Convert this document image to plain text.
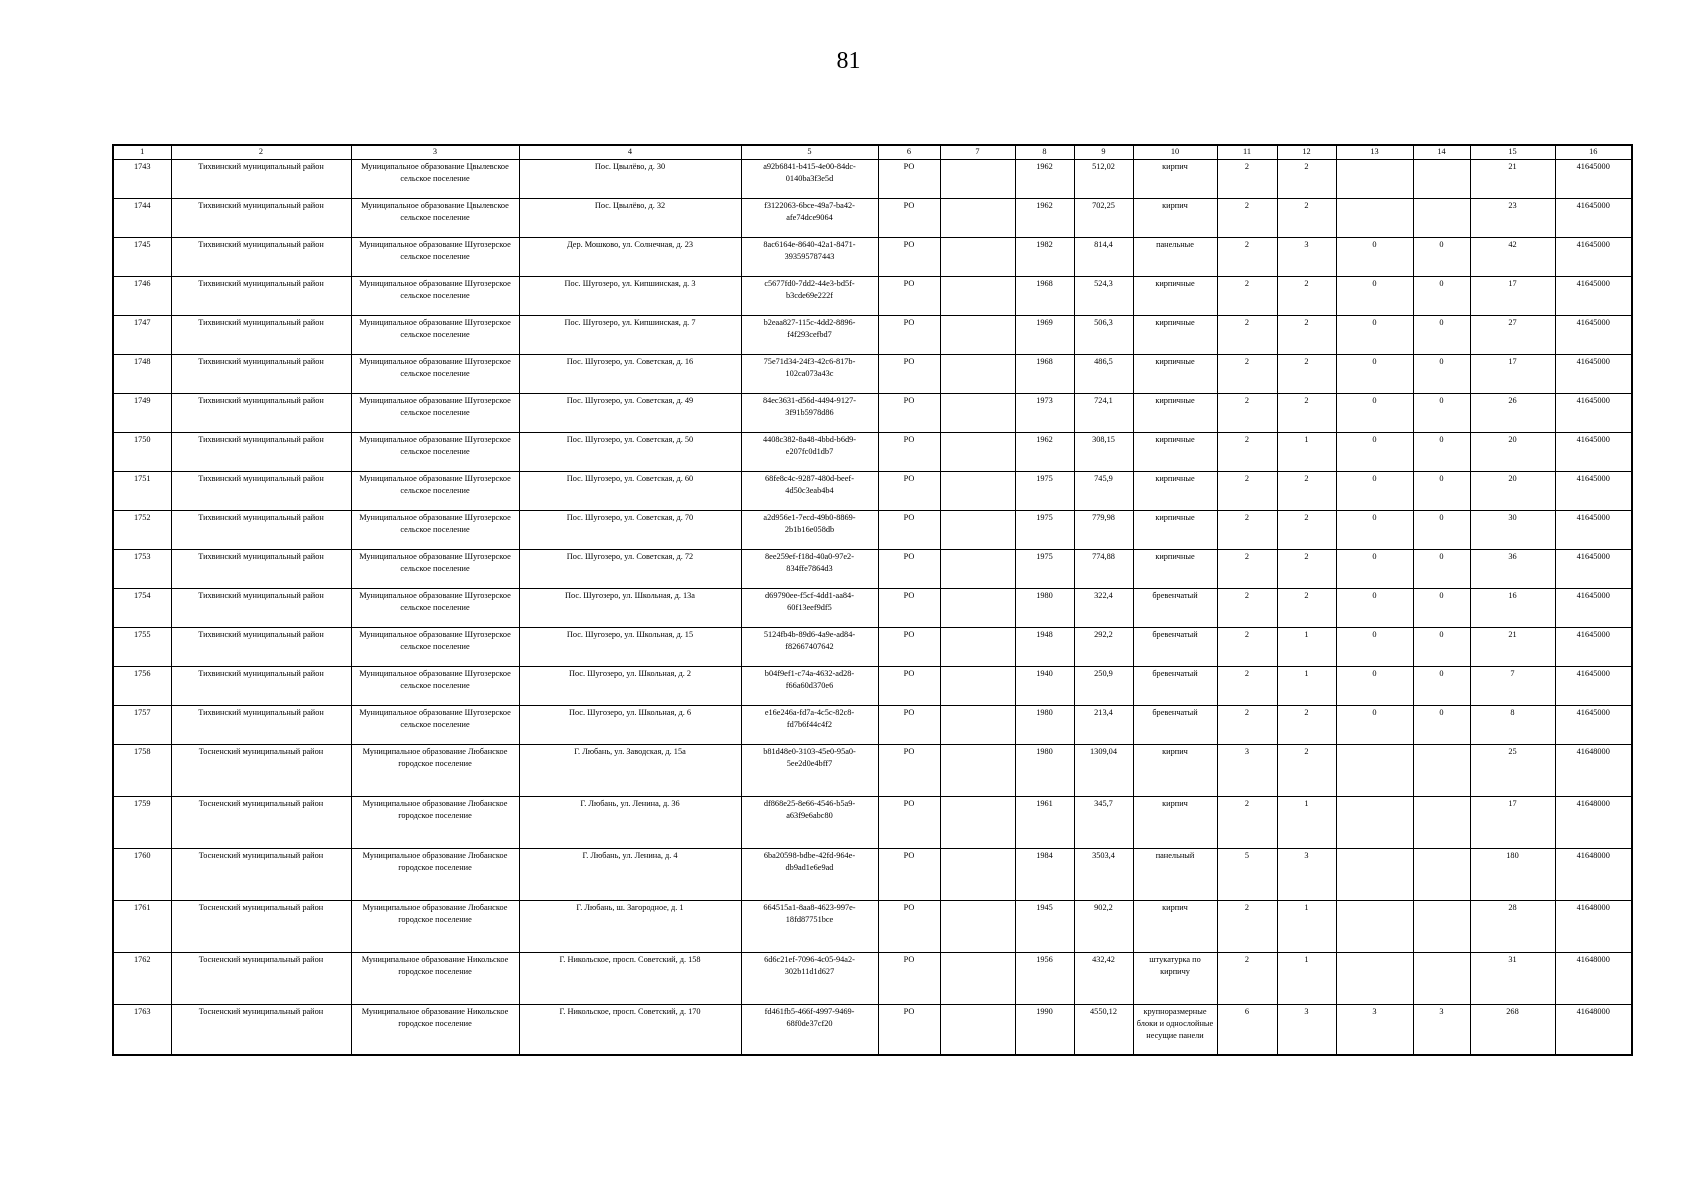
81
1	2	3	4	5	6	7	8	9	10	11	12	13	14	15	16
1743	Тихвинский муниципальный район	Муниципальное образование Цвылевское сельское поселение	Пос. Цвылёво, д. 30	a92b6841-b415-4e00-84dc-0140ba3f3e5d	РО		1962	512,02	кирпич	2	2			21	41645000
1744	Тихвинский муниципальный район	Муниципальное образование Цвылевское сельское поселение	Пос. Цвылёво, д. 32	f3122063-6bce-49a7-ba42-afe74dce9064	РО		1962	702,25	кирпич	2	2			23	41645000
1745	Тихвинский муниципальный район	Муниципальное образование Шугозерское сельское поселение	Дер. Мошково, ул. Солнечная, д. 23	8ac6164e-8640-42a1-8471-393595787443	РО		1982	814,4	панельные	2	3	0	0	42	41645000
1746	Тихвинский муниципальный район	Муниципальное образование Шугозерское сельское поселение	Пос. Шугозеро, ул. Кипшинская, д. 3	c5677fd0-7dd2-44e3-bd5f-b3cde69e222f	РО		1968	524,3	кирпичные	2	2	0	0	17	41645000
1747	Тихвинский муниципальный район	Муниципальное образование Шугозерское сельское поселение	Пос. Шугозеро, ул. Кипшинская, д. 7	b2eaa827-115c-4dd2-8896-f4f293cefbd7	РО		1969	506,3	кирпичные	2	2	0	0	27	41645000
1748	Тихвинский муниципальный район	Муниципальное образование Шугозерское сельское поселение	Пос. Шугозеро, ул. Советская, д. 16	75e71d34-24f3-42c6-817b-102ca073a43c	РО		1968	486,5	кирпичные	2	2	0	0	17	41645000
1749	Тихвинский муниципальный район	Муниципальное образование Шугозерское сельское поселение	Пос. Шугозеро, ул. Советская, д. 49	84ec3631-d56d-4494-9127-3f91b5978d86	РО		1973	724,1	кирпичные	2	2	0	0	26	41645000
1750	Тихвинский муниципальный район	Муниципальное образование Шугозерское сельское поселение	Пос. Шугозеро, ул. Советская, д. 50	4408c382-8a48-4bbd-b6d9-e207fc0d1db7	РО		1962	308,15	кирпичные	2	1	0	0	20	41645000
1751	Тихвинский муниципальный район	Муниципальное образование Шугозерское сельское поселение	Пос. Шугозеро, ул. Советская, д. 60	68fe8c4c-9287-480d-beef-4d50c3eab4b4	РО		1975	745,9	кирпичные	2	2	0	0	20	41645000
1752	Тихвинский муниципальный район	Муниципальное образование Шугозерское сельское поселение	Пос. Шугозеро, ул. Советская, д. 70	a2d956e1-7ecd-49b0-8869-2b1b16e058db	РО		1975	779,98	кирпичные	2	2	0	0	30	41645000
1753	Тихвинский муниципальный район	Муниципальное образование Шугозерское сельское поселение	Пос. Шугозеро, ул. Советская, д. 72	8ee259ef-f18d-40a0-97e2-834ffe7864d3	РО		1975	774,88	кирпичные	2	2	0	0	36	41645000
1754	Тихвинский муниципальный район	Муниципальное образование Шугозерское сельское поселение	Пос. Шугозеро, ул. Школьная, д. 13а	d69790ee-f5cf-4dd1-aa84-60f13eef9df5	РО		1980	322,4	бревенчатый	2	2	0	0	16	41645000
1755	Тихвинский муниципальный район	Муниципальное образование Шугозерское сельское поселение	Пос. Шугозеро, ул. Школьная, д. 15	5124fb4b-89d6-4a9e-ad84-f82667407642	РО		1948	292,2	бревенчатый	2	1	0	0	21	41645000
1756	Тихвинский муниципальный район	Муниципальное образование Шугозерское сельское поселение	Пос. Шугозеро, ул. Школьная, д. 2	b04f9ef1-c74a-4632-ad28-f66a60d370e6	РО		1940	250,9	бревенчатый	2	1	0	0	7	41645000
1757	Тихвинский муниципальный район	Муниципальное образование Шугозерское сельское поселение	Пос. Шугозеро, ул. Школьная, д. 6	e16e246a-fd7a-4c5c-82c8-fd7b6f44c4f2	РО		1980	213,4	бревенчатый	2	2	0	0	8	41645000
1758	Тосненский муниципальный район	Муниципальное образование Любанское городское поселение	Г. Любань, ул. Заводская, д. 15а	b81d48e0-3103-45e0-95a0-5ee2d0e4bff7	РО		1980	1309,04	кирпич	3	2			25	41648000
1759	Тосненский муниципальный район	Муниципальное образование Любанское городское поселение	Г. Любань, ул. Ленина, д. 36	df868e25-8e66-4546-b5a9-a63f9e6abc80	РО		1961	345,7	кирпич	2	1			17	41648000
1760	Тосненский муниципальный район	Муниципальное образование Любанское городское поселение	Г. Любань, ул. Ленина, д. 4	6ba20598-bdbe-42fd-964e-db9ad1e6e9ad	РО		1984	3503,4	панельный	5	3			180	41648000
1761	Тосненский муниципальный район	Муниципальное образование Любанское городское поселение	Г. Любань, ш. Загородное, д. 1	664515a1-8aa8-4623-997e-18fd87751bce	РО		1945	902,2	кирпич	2	1			28	41648000
1762	Тосненский муниципальный район	Муниципальное образование Никольское городское поселение	Г. Никольское, просп. Советский, д. 158	6d6c21ef-7096-4c05-94a2-302b11d1d627	РО		1956	432,42	штукатурка по кирпичу	2	1			31	41648000
1763	Тосненский муниципальный район	Муниципальное образование Никольское городское поселение	Г. Никольское, просп. Советский, д. 170	fd461fb5-466f-4997-9469-68f0de37cf20	РО		1990	4550,12	крупноразмерные блоки и однослойные несущие панели	6	3	3	3	268	41648000
